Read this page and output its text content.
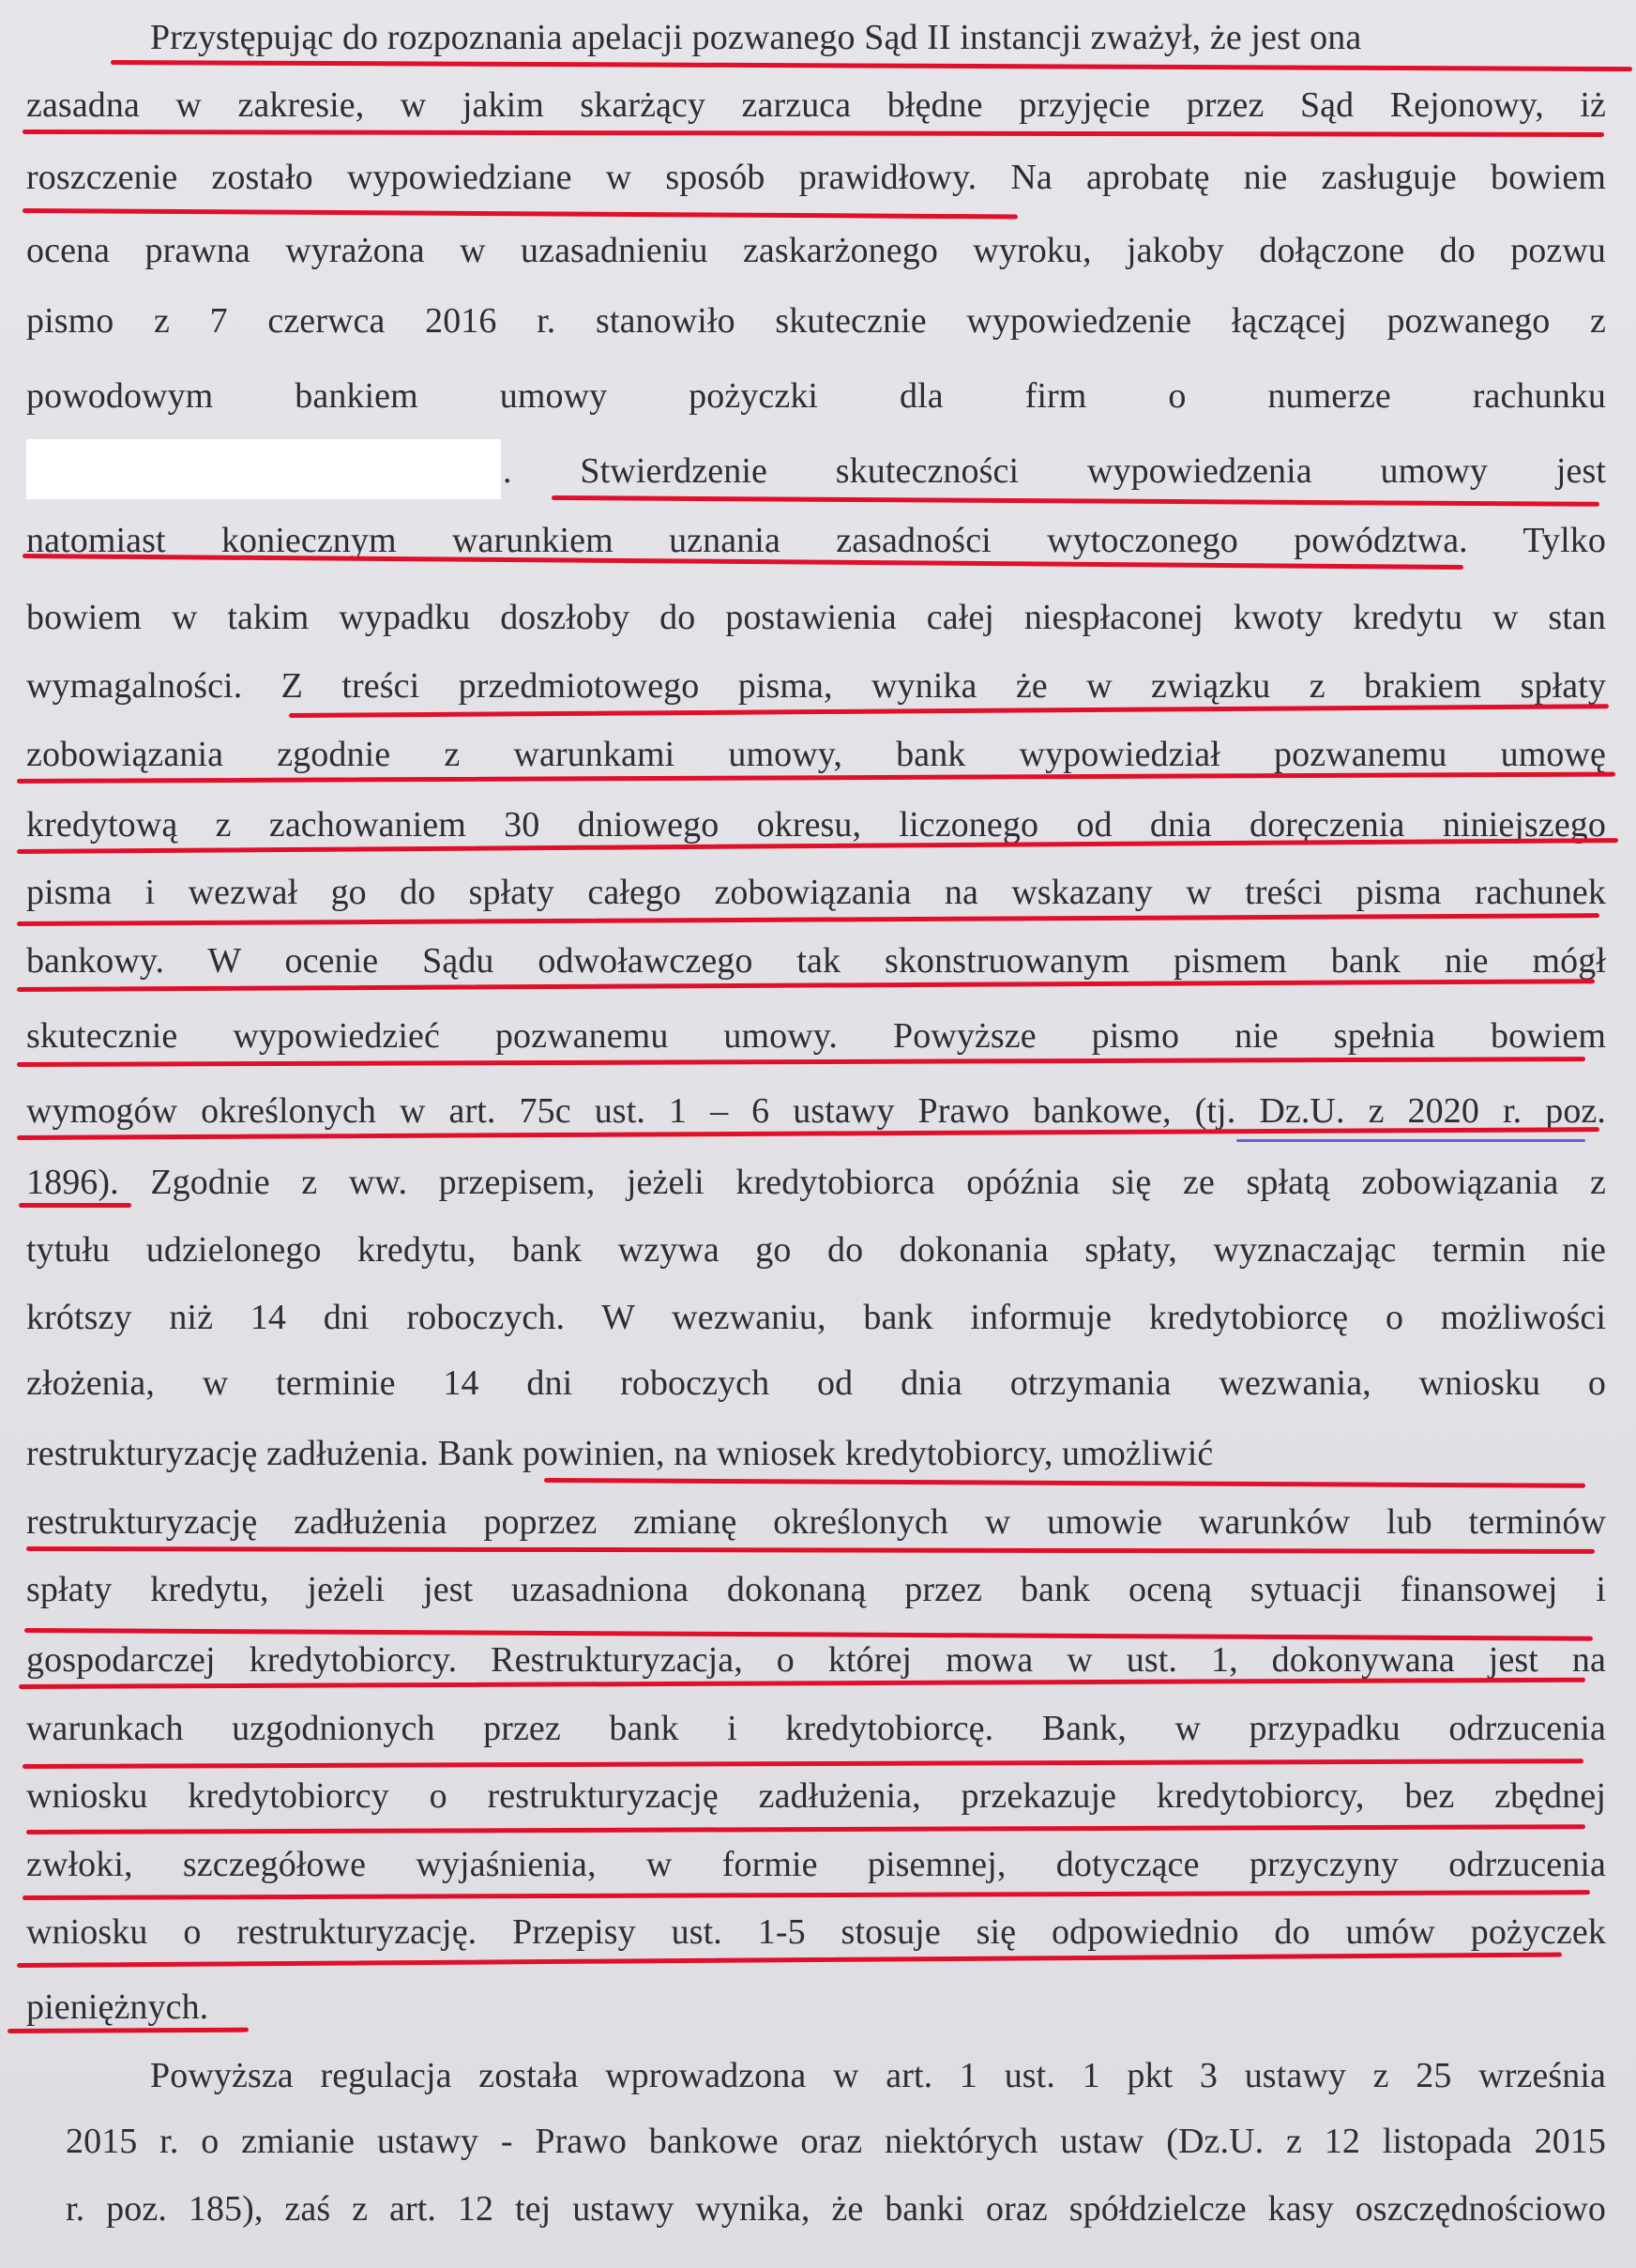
Przystępując do rozpoznania apelacji pozwanego Sąd II instancji zważył, że jest ona
zasadna w zakresie, w jakim skarżący zarzuca błędne przyjęcie przez Sąd Rejonowy, iż
roszczenie zostało wypowiedziane w sposób prawidłowy. Na aprobatę nie zasługuje bowiem
ocena prawna wyrażona w uzasadnieniu zaskarżonego wyroku, jakoby dołączone do pozwu
pismo z 7 czerwca 2016 r. stanowiło skutecznie wypowiedzenie łączącej pozwanego z
powodowym bankiem umowy pożyczki dla firm o numerze rachunku
. Stwierdzenie skuteczności wypowiedzenia umowy jest
natomiast koniecznym warunkiem uznania zasadności wytoczonego powództwa. Tylko
bowiem w takim wypadku doszłoby do postawienia całej niespłaconej kwoty kredytu w stan
wymagalności. Z treści przedmiotowego pisma, wynika że w związku z brakiem spłaty
zobowiązania zgodnie z warunkami umowy, bank wypowiedział pozwanemu umowę
kredytową z zachowaniem 30 dniowego okresu, liczonego od dnia doręczenia niniejszego
pisma i wezwał go do spłaty całego zobowiązania na wskazany w treści pisma rachunek
bankowy. W ocenie Sądu odwoławczego tak skonstruowanym pismem bank nie mógł
skutecznie wypowiedzieć pozwanemu umowy. Powyższe pismo nie spełnia bowiem
wymogów określonych w art. 75c ust. 1 – 6 ustawy Prawo bankowe, (tj. Dz.U. z 2020 r. poz.
1896). Zgodnie z ww. przepisem, jeżeli kredytobiorca opóźnia się ze spłatą zobowiązania z
tytułu udzielonego kredytu, bank wzywa go do dokonania spłaty, wyznaczając termin nie
krótszy niż 14 dni roboczych. W wezwaniu, bank informuje kredytobiorcę o możliwości
złożenia, w terminie 14 dni roboczych od dnia otrzymania wezwania, wniosku o
restrukturyzację zadłużenia. Bank powinien, na wniosek kredytobiorcy, umożliwić
restrukturyzację zadłużenia poprzez zmianę określonych w umowie warunków lub terminów
spłaty kredytu, jeżeli jest uzasadniona dokonaną przez bank oceną sytuacji finansowej i
gospodarczej kredytobiorcy. Restrukturyzacja, o której mowa w ust. 1, dokonywana jest na
warunkach uzgodnionych przez bank i kredytobiorcę. Bank, w przypadku odrzucenia
wniosku kredytobiorcy o restrukturyzację zadłużenia, przekazuje kredytobiorcy, bez zbędnej
zwłoki, szczegółowe wyjaśnienia, w formie pisemnej, dotyczące przyczyny odrzucenia
wniosku o restrukturyzację. Przepisy ust. 1-5 stosuje się odpowiednio do umów pożyczek
pieniężnych.
Powyższa regulacja została wprowadzona w art. 1 ust. 1 pkt 3 ustawy z 25 września
2015 r. o zmianie ustawy - Prawo bankowe oraz niektórych ustaw (Dz.U. z 12 listopada 2015
r. poz. 185), zaś z art. 12 tej ustawy wynika, że banki oraz spółdzielcze kasy oszczędnościowo
